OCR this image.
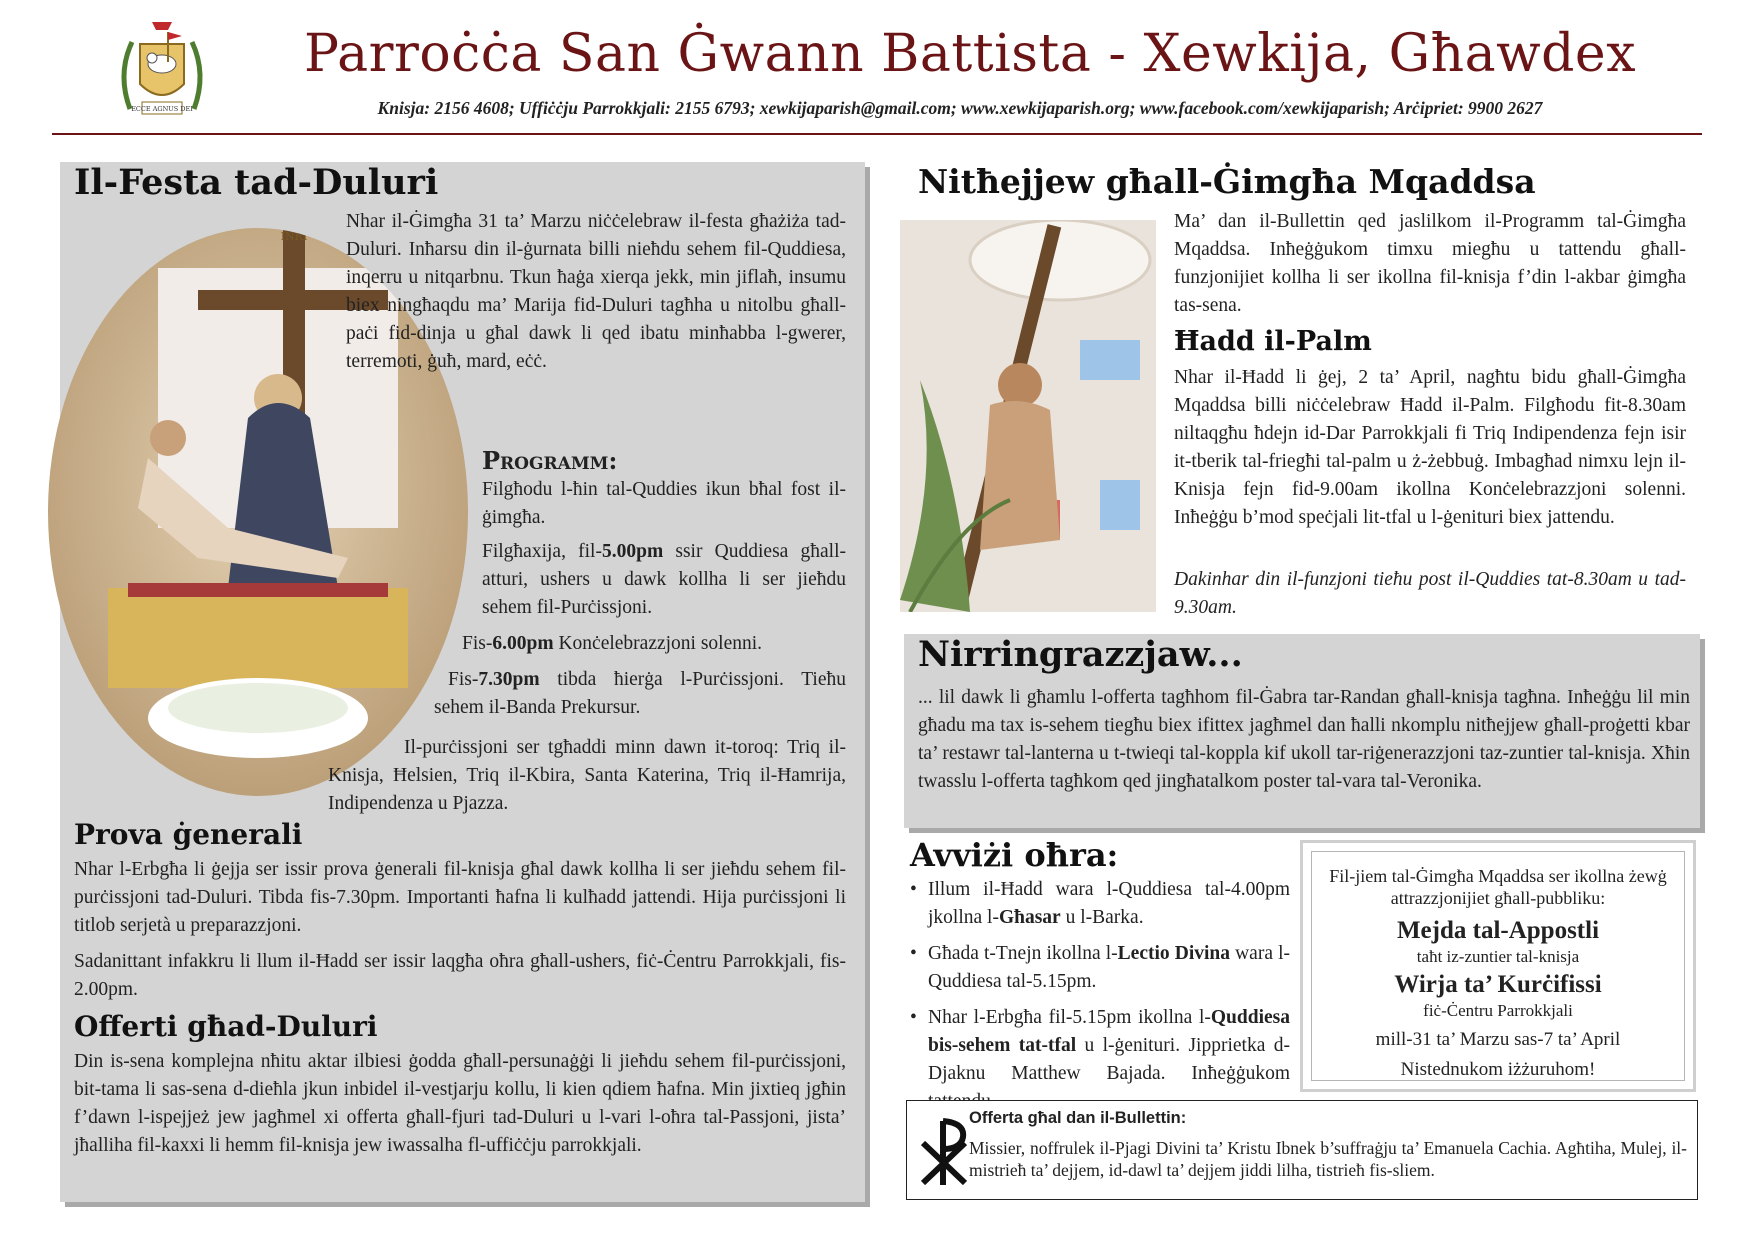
ECCE AGNUS DEI
Parroċċa San Ġwann Battista - Xewkija, Għawdex
Knisja: 2156 4608; Uffiċċju Parrokkjali: 2155 6793; xewkijaparish@gmail.com; www.xewkijaparish.org; www.facebook.com/xewkijaparish; Arċipriet: 9900 2627
Il-Festa tad-Duluri
INRI
Nhar il-Ġimgħa 31 ta’ Marzu niċċelebraw il-festa għażiża tad-Duluri. Inħarsu din il-ġurnata billi nieħdu sehem fil-Quddiesa, inqerru u nitqarbnu. Tkun ħaġa xierqa jekk, min jiflaħ, insumu biex ningħaqdu ma’ Marija fid-Duluri tagħha u nitolbu għall-paċi fid-dinja u għal dawk li qed ibatu minħabba l-gwerer, terremoti, ġuħ, mard, eċċ.
Programm:
Filgħodu l-ħin tal-Quddies ikun bħal fost il-ġimgħa.
Filgħaxija, fil-5.00pm ssir Quddiesa għall-atturi, ushers u dawk kollha li ser jieħdu sehem fil-Purċissjoni.
Fis-6.00pm Konċelebrazzjoni solenni.
Fis-7.30pm tibda ħierġa l-Purċissjoni. Tieħu sehem il-Banda Prekursur.
Il-purċissjoni ser tgħaddi minn dawn it-toroq: Triq il-Knisja, Ħelsien, Triq il-Kbira, Santa Katerina, Triq il-Ħamrija, Indipendenza u Pjazza.
Prova ġenerali
Nhar l-Erbgħa li ġejja ser issir prova ġenerali fil-knisja għal dawk kollha li ser jieħdu sehem fil-purċissjoni tad-Duluri. Tibda fis-7.30pm. Importanti ħafna li kulħadd jattendi. Hija purċissjoni li titlob serjetà u preparazzjoni.
Sadanittant infakkru li llum il-Ħadd ser issir laqgħa oħra għall-ushers, fiċ-Ċentru Parrokkjali, fis-2.00pm.
Offerti għad-Duluri
Din is-sena komplejna nħitu aktar ilbiesi ġodda għall-persunaġġi li jieħdu sehem fil-purċissjoni, bit-tama li sas-sena d-dieħla jkun inbidel il-vestjarju kollu, li kien qdiem ħafna. Min jixtieq jgħin f’dawn l-ispejjeż jew jagħmel xi offerta għall-fjuri tad-Duluri u l-vari l-oħra tal-Passjoni, jista’ jħalliha fil-kaxxi li hemm fil-knisja jew iwassalha fl-uffiċċju parrokkjali.
Nitħejjew għall-Ġimgħa Mqaddsa
Ma’ dan il-Bullettin qed jaslilkom il-Programm tal-Ġimgħa Mqaddsa. Inħeġġukom timxu miegħu u tattendu għall-funzjonijiet kollha li ser ikollna fil-knisja f’din l-akbar ġimgħa tas-sena.
Ħadd il-Palm
Nhar il-Ħadd li ġej, 2 ta’ April, nagħtu bidu għall-Ġimgħa Mqaddsa billi niċċelebraw Ħadd il-Palm. Filgħodu fit-8.30am niltaqgħu ħdejn id-Dar Parrokkjali fi Triq Indipendenza fejn isir it-tberik tal-friegħi tal-palm u ż-żebbuġ. Imbagħad nimxu lejn il-Knisja fejn fid-9.00am ikollna Konċelebrazzjoni solenni. Inħeġġu b’mod speċjali lit-tfal u l-ġenituri biex jattendu.
Dakinhar din il-funzjoni tieħu post il-Quddies tat-8.30am u tad-9.30am.
Nirringrazzjaw...
... lil dawk li għamlu l-offerta tagħhom fil-Ġabra tar-Randan għall-knisja tagħna. Inħeġġu lil min għadu ma tax is-sehem tiegħu biex ifittex jagħmel dan ħalli nkomplu nitħejjew għall-proġetti kbar ta’ restawr tal-lanterna u t-twieqi tal-koppla kif ukoll tar-riġenerazzjoni taz-zuntier tal-knisja. Xħin twasslu l-offerta tagħkom qed jingħatalkom poster tal-vara tal-Veronika.
Avviżi oħra:
• Illum il-Ħadd wara l-Quddiesa tal-4.00pm jkollna l-Għasar u l-Barka.
• Għada t-Tnejn ikollna l-Lectio Divina wara l-Quddiesa tal-5.15pm.
• Nhar l-Erbgħa fil-5.15pm ikollna l-Quddiesa bis-sehem tat-tfal u l-ġenituri. Jippriet​ka d-Djaknu Matthew Bajada. Inħeġġukom
Fil-jiem tal-Ġimgħa Mqaddsa ser ikollna żewġ attrazzjonijiet għall-pubbliku:
Mejda tal-Appostli
taħt iz-zuntier tal-knisja
Wirja ta’ Kurċifissi
fiċ-Ċentru Parrokkjali
mill-31 ta’ Marzu sas-7 ta’ April
Nistednukom iżżuruhom!
Offerta għal dan il-Bullettin:
Missier, noffrulek il-Pjagi Divini ta’ Kristu Ibnek b’suffraġju ta’ Emanuela Cachia. Agħtiha, Mulej, il-mistrieħ ta’ dejjem, id-dawl ta’ dejjem jiddi lilha, tistrieħ fis-sliem.
